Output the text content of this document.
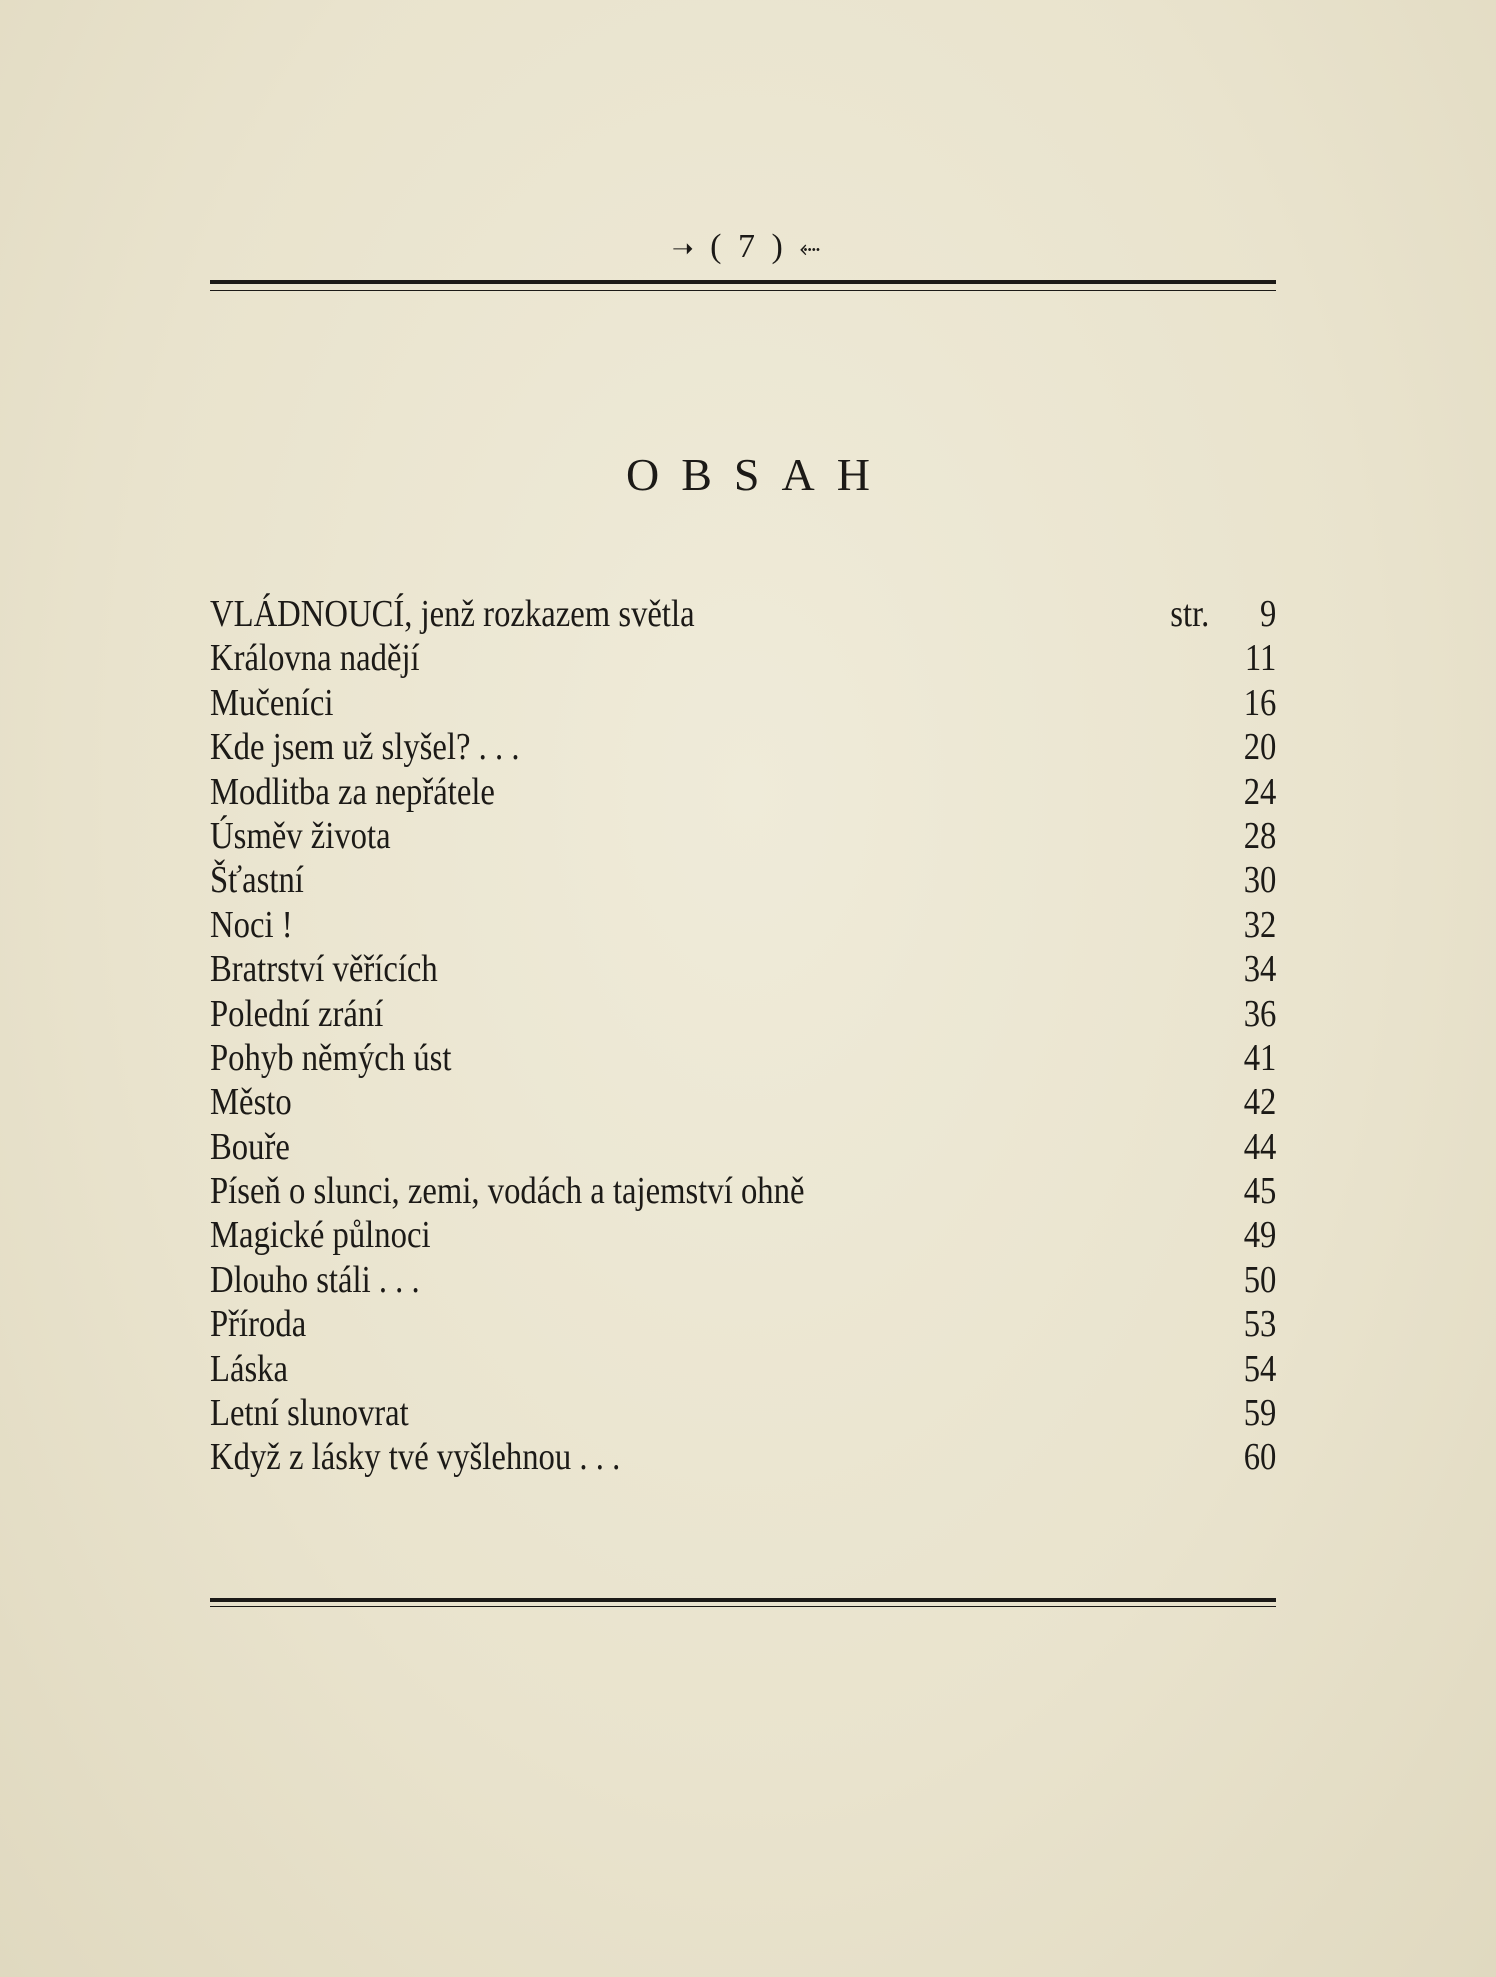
➝ ( 7 ) ⬸
OBSAH
VLÁDNOUCÍ, jenž rozkazem světla	str. 9
Královna nadějí	11
Mučeníci	16
Kde jsem už slyšel? . . .	20
Modlitba za nepřátele	24
Úsměv života	28
Šťastní	30
Noci !	32
Bratrství věřících	34
Polední zrání	36
Pohyb němých úst	41
Město	42
Bouře	44
Píseň o slunci, zemi, vodách a tajemství ohně	45
Magické půlnoci	49
Dlouho stáli . . .	50
Příroda	53
Láska	54
Letní slunovrat	59
Když z lásky tvé vyšlehnou . . .	60
